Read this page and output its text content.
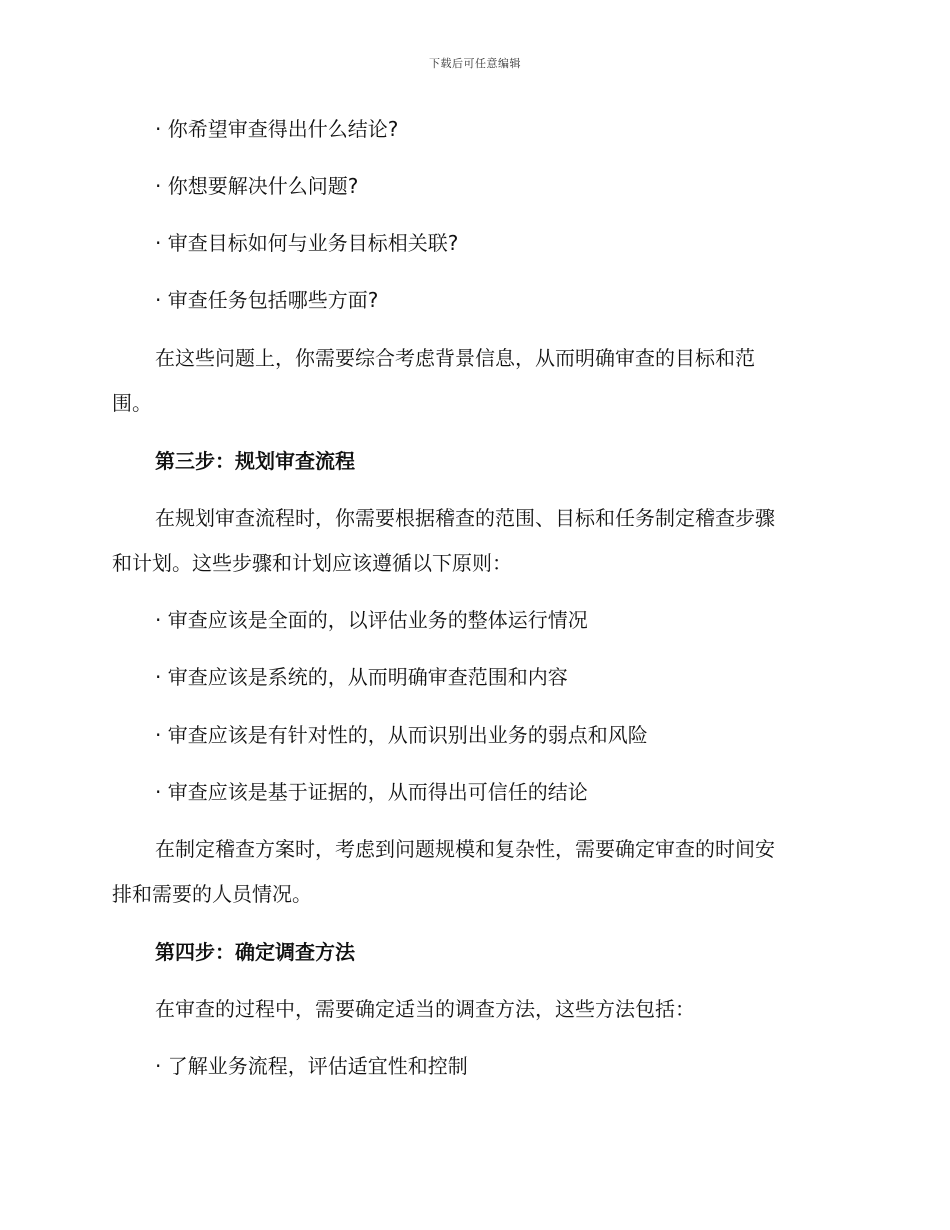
下载后可任意编辑
· 你希望审查得出什么结论?
· 你想要解决什么问题?
· 审查目标如何与业务目标相关联?
· 审查任务包括哪些方面?
在这些问题上，你需要综合考虑背景信息，从而明确审查的目标和范
围。
第三步：规划审查流程
在规划审查流程时，你需要根据稽查的范围、目标和任务制定稽查步骤
和计划。这些步骤和计划应该遵循以下原则：
· 审查应该是全面的，以评估业务的整体运行情况
· 审查应该是系统的，从而明确审查范围和内容
· 审查应该是有针对性的，从而识别出业务的弱点和风险
· 审查应该是基于证据的，从而得出可信任的结论
在制定稽查方案时，考虑到问题规模和复杂性，需要确定审查的时间安
排和需要的人员情况。
第四步：确定调查方法
在审查的过程中，需要确定适当的调查方法，这些方法包括：
· 了解业务流程，评估适宜性和控制
